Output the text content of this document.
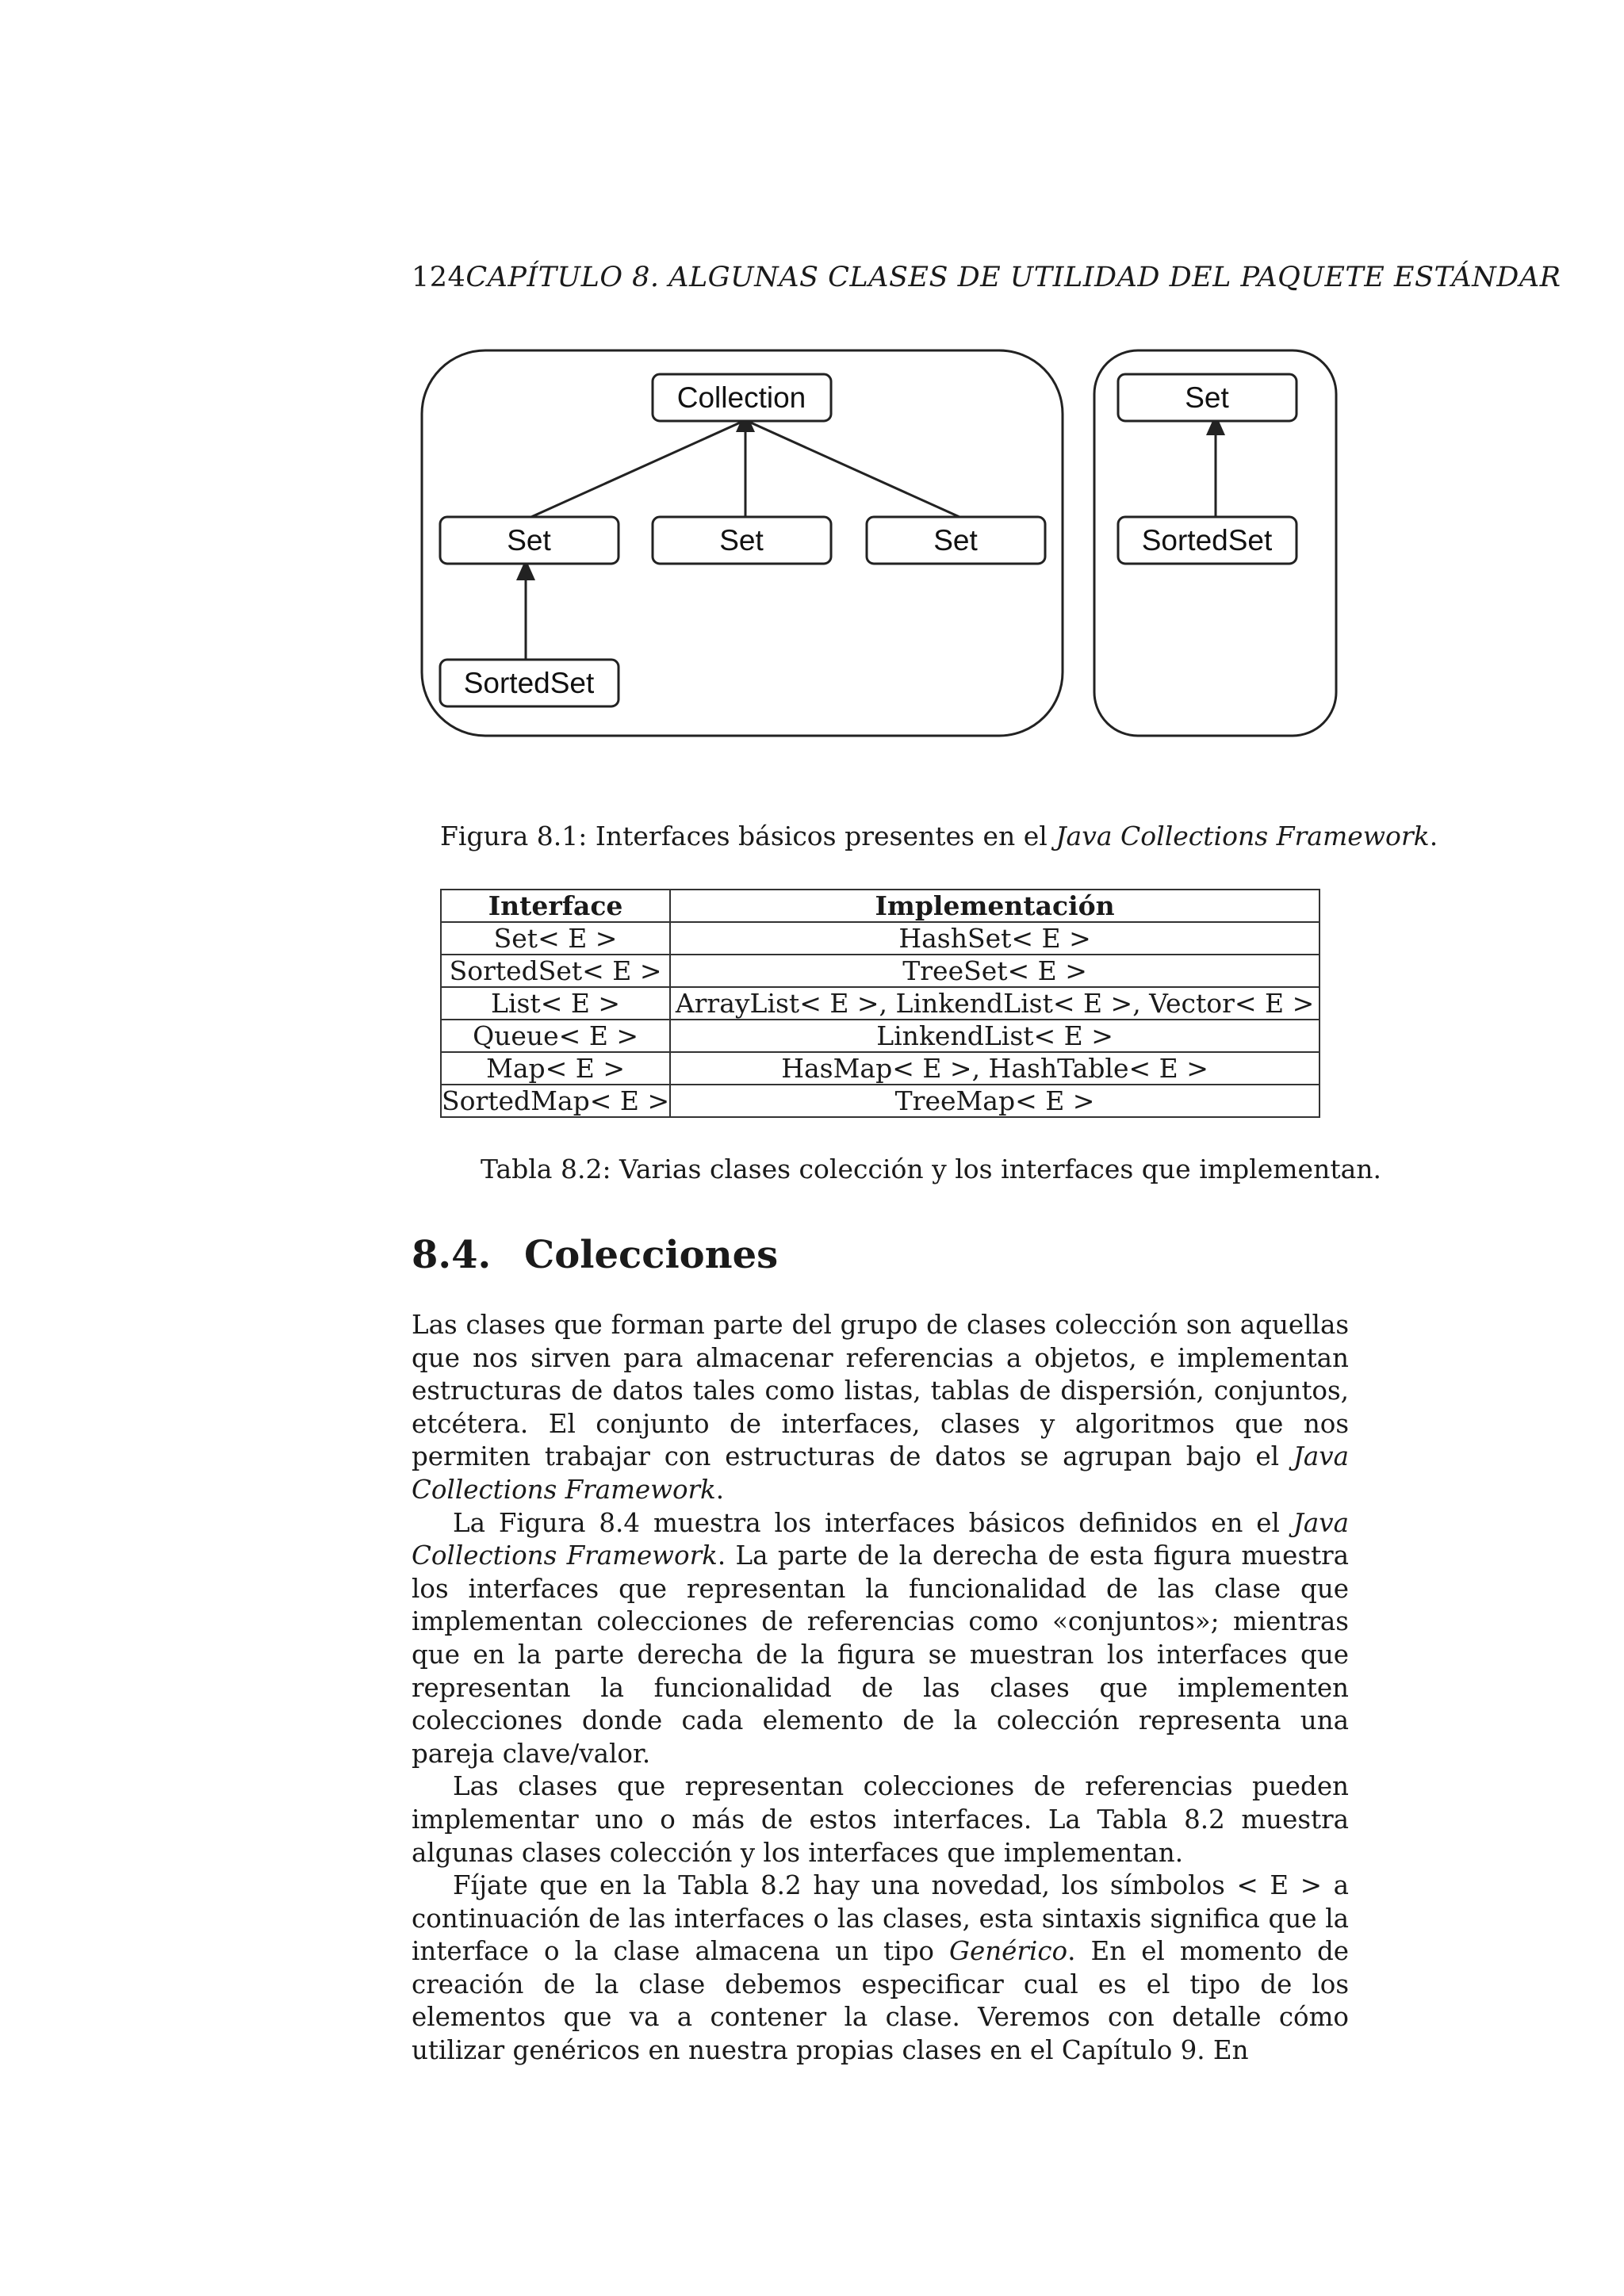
124CAPÍTULO 8. ALGUNAS CLASES DE UTILIDAD DEL PAQUETE ESTÁNDAR
Collection
Set	Set	Set
SortedSet
Set
SortedSet
Figura 8.1: Interfaces básicos presentes en el Java Collections Framework.
Interface	Implementación
Set< E >	HashSet< E >
SortedSet< E >	TreeSet< E >
List< E >	ArrayList< E >, LinkendList< E >, Vector< E >
Queue< E >	LinkendList< E >
Map< E >	HasMap< E >, HashTable< E >
SortedMap< E >	TreeMap< E >
Tabla 8.2: Varias clases colección y los interfaces que implementan.
8.4. Colecciones

Las clases que forman parte del grupo de clases colección son aquellas que nos sirven para almacenar referencias a objetos, e implementan estructuras de datos tales como listas, tablas de dispersión, conjuntos, etcétera. El conjunto de interfaces, clases y algoritmos que nos permiten trabajar con estructuras de datos se agrupan bajo el Java Collections Framework.

La Figura 8.4 muestra los interfaces básicos definidos en el Java Collections Framework. La parte de la derecha de esta figura muestra los interfaces que representan la funcionalidad de las clase que implementan colecciones de referencias como «conjuntos»; mientras que en la parte derecha de la figura se muestran los interfaces que representan la funcionalidad de las clases que implementen colecciones donde cada elemento de la colección representa una pareja clave/valor.

Las clases que representan colecciones de referencias pueden implementar uno o más de estos interfaces. La Tabla 8.2 muestra algunas clases colección y los interfaces que implementan.

Fíjate que en la Tabla 8.2 hay una novedad, los símbolos < E > a continuación de las interfaces o las clases, esta sintaxis significa que la interface o la clase almacena un tipo Genérico. En el momento de creación de la clase debemos especificar cual es el tipo de los elementos que va a contener la clase. Veremos con detalle cómo utilizar genéricos en nuestra propias clases en el Capítulo 9. En
